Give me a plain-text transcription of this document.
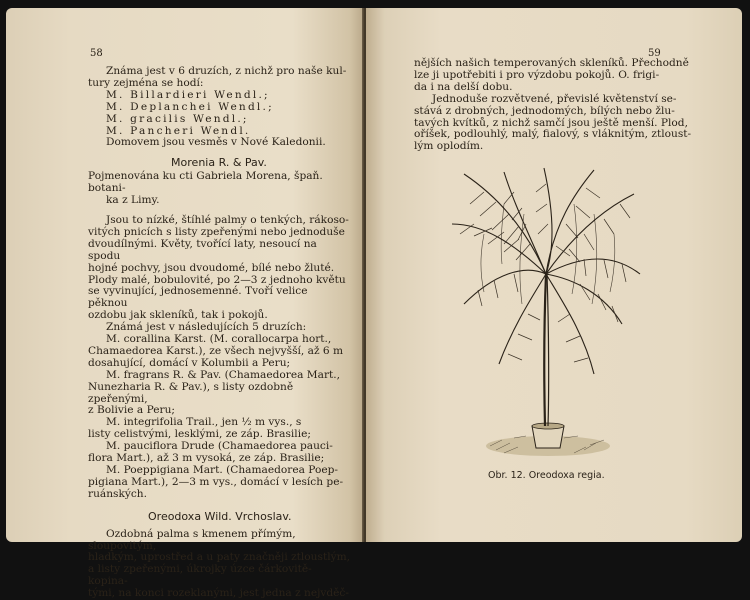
58

Známa jest v 6 druzích, z nichž pro naše kul-

tury zejména se hodí:

M. Billardieri Wendl.;

M. Deplanchei Wendl.;

M. gracilis Wendl.;

M. Pancheri Wendl.

Domovem jsou vesměs v Nové Kaledonii.

Morenia R. & Pav.

Pojmenována ku cti Gabriela Morena, špaň. botani-

ka z Limy.

Jsou to nízké, štíhlé palmy o tenkých, rákoso-

vitých pnicích s listy zpeřenými nebo jednoduše

dvoudílnými. Květy, tvořící laty, nesoucí na spodu

hojné pochvy, jsou dvoudomé, bílé nebo žluté.

Plody malé, bobulovité, po 2—3 z jednoho květu

se vyvinující, jednosemenné. Tvoří velice pěknou

ozdobu jak skleníků, tak i pokojů.

Známá jest v následujících 5 druzích:

M. corallina Karst. (M. corallocarpa hort.,

Chamaedorea Karst.), ze všech nejvyšší, až 6 m

dosahující, domácí v Kolumbii a Peru;

M. fragrans R. & Pav. (Chamaedorea Mart.,

Nunezharia R. & Pav.), s listy ozdobně zpeřenými,

z Bolivie a Peru;

M. integrifolia Trail., jen ½ m vys., s

listy celistvými, lesklými, ze záp. Brasilie;

M. pauciflora Drude (Chamaedorea pauci-

flora Mart.), až 3 m vysoká, ze záp. Brasilie;

M. Poeppigiana Mart. (Chamaedorea Poep-

pigiana Mart.), 2—3 m vys., domácí v lesích pe-

ruánských.

Oreodoxa Wild. Vrchoslav.

Ozdobná palma s kmenem přímým, sloupovitým,

hladkým, uprostřed a u paty značněji ztloustlým,

a listy zpeřenými, úkrojky úzce čárkovitě-kopina-

tými, na konci rozeklanými, jest jedna z nejvděč-

59

nějších našich temperovaných skleníků. Přechodně

lze ji upotřebiti i pro výzdobu pokojů. O. frigi-

da i na delší dobu.

Jednoduše rozvětvené, převislé květenství se-

stává z drobných, jednodomých, bílých nebo žlu-

tavých kvítků, z nichž samčí jsou ještě menší. Plod,

oříšek, podlouhlý, malý, fialový, s vláknitým, ztloust-

lým oplodím.

Obr. 12. Oreodoxa regia.
